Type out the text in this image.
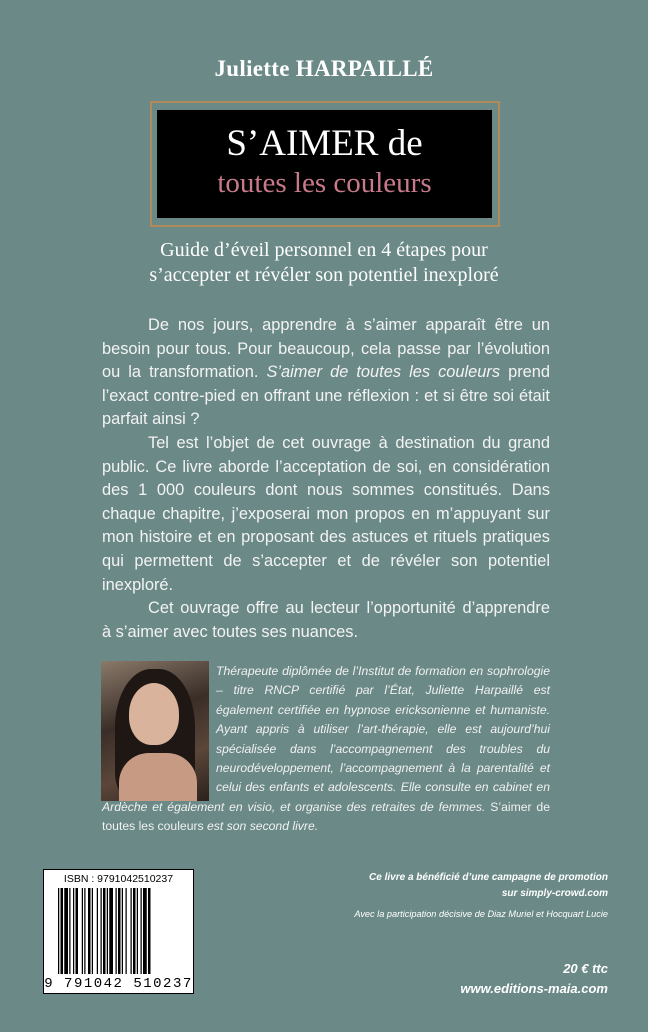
Juliette HARPAILLÉ
S’AIMER de
toutes les couleurs
Guide d’éveil personnel en 4 étapes pour
s’accepter et révéler son potentiel inexploré

De nos jours, apprendre à s’aimer apparaît être un besoin pour tous. Pour beaucoup, cela passe par l’évolution ou la transformation. S’aimer de toutes les couleurs prend l’exact contre-pied en offrant une réflexion : et si être soi était parfait ainsi ?

Tel est l’objet de cet ouvrage à destination du grand public. Ce livre aborde l’acceptation de soi, en considération des 1 000 couleurs dont nous sommes constitués. Dans chaque chapitre, j’exposerai mon propos en m’appuyant sur mon histoire et en proposant des astuces et rituels pratiques qui permettent de s’accepter et de révéler son potentiel inexploré.

Cet ouvrage offre au lecteur l’opportunité d’apprendre à s’aimer avec toutes ses nuances.

Thérapeute diplômée de l’Institut de formation en sophrologie – titre RNCP certifié par l’État, Juliette Harpaillé est également certifiée en hypnose ericksonienne et humaniste. Ayant appris à utiliser l’art-thérapie, elle est aujourd’hui spécialisée dans l’accompagnement des troubles du neurodéveloppement, l’accompagnement à la parentalité et celui des enfants et adolescents. Elle consulte en cabinet en Ardèche et également en visio, et organise des retraites de femmes. S’aimer de toutes les couleurs est son second livre.
ISBN : 9791042510237
9 791042 510237
Ce livre a bénéficié d’une campagne de promotion
sur simply-crowd.com
Avec la participation décisive de Diaz Muriel et Hocquart Lucie
20 € ttc
www.editions-maia.com
